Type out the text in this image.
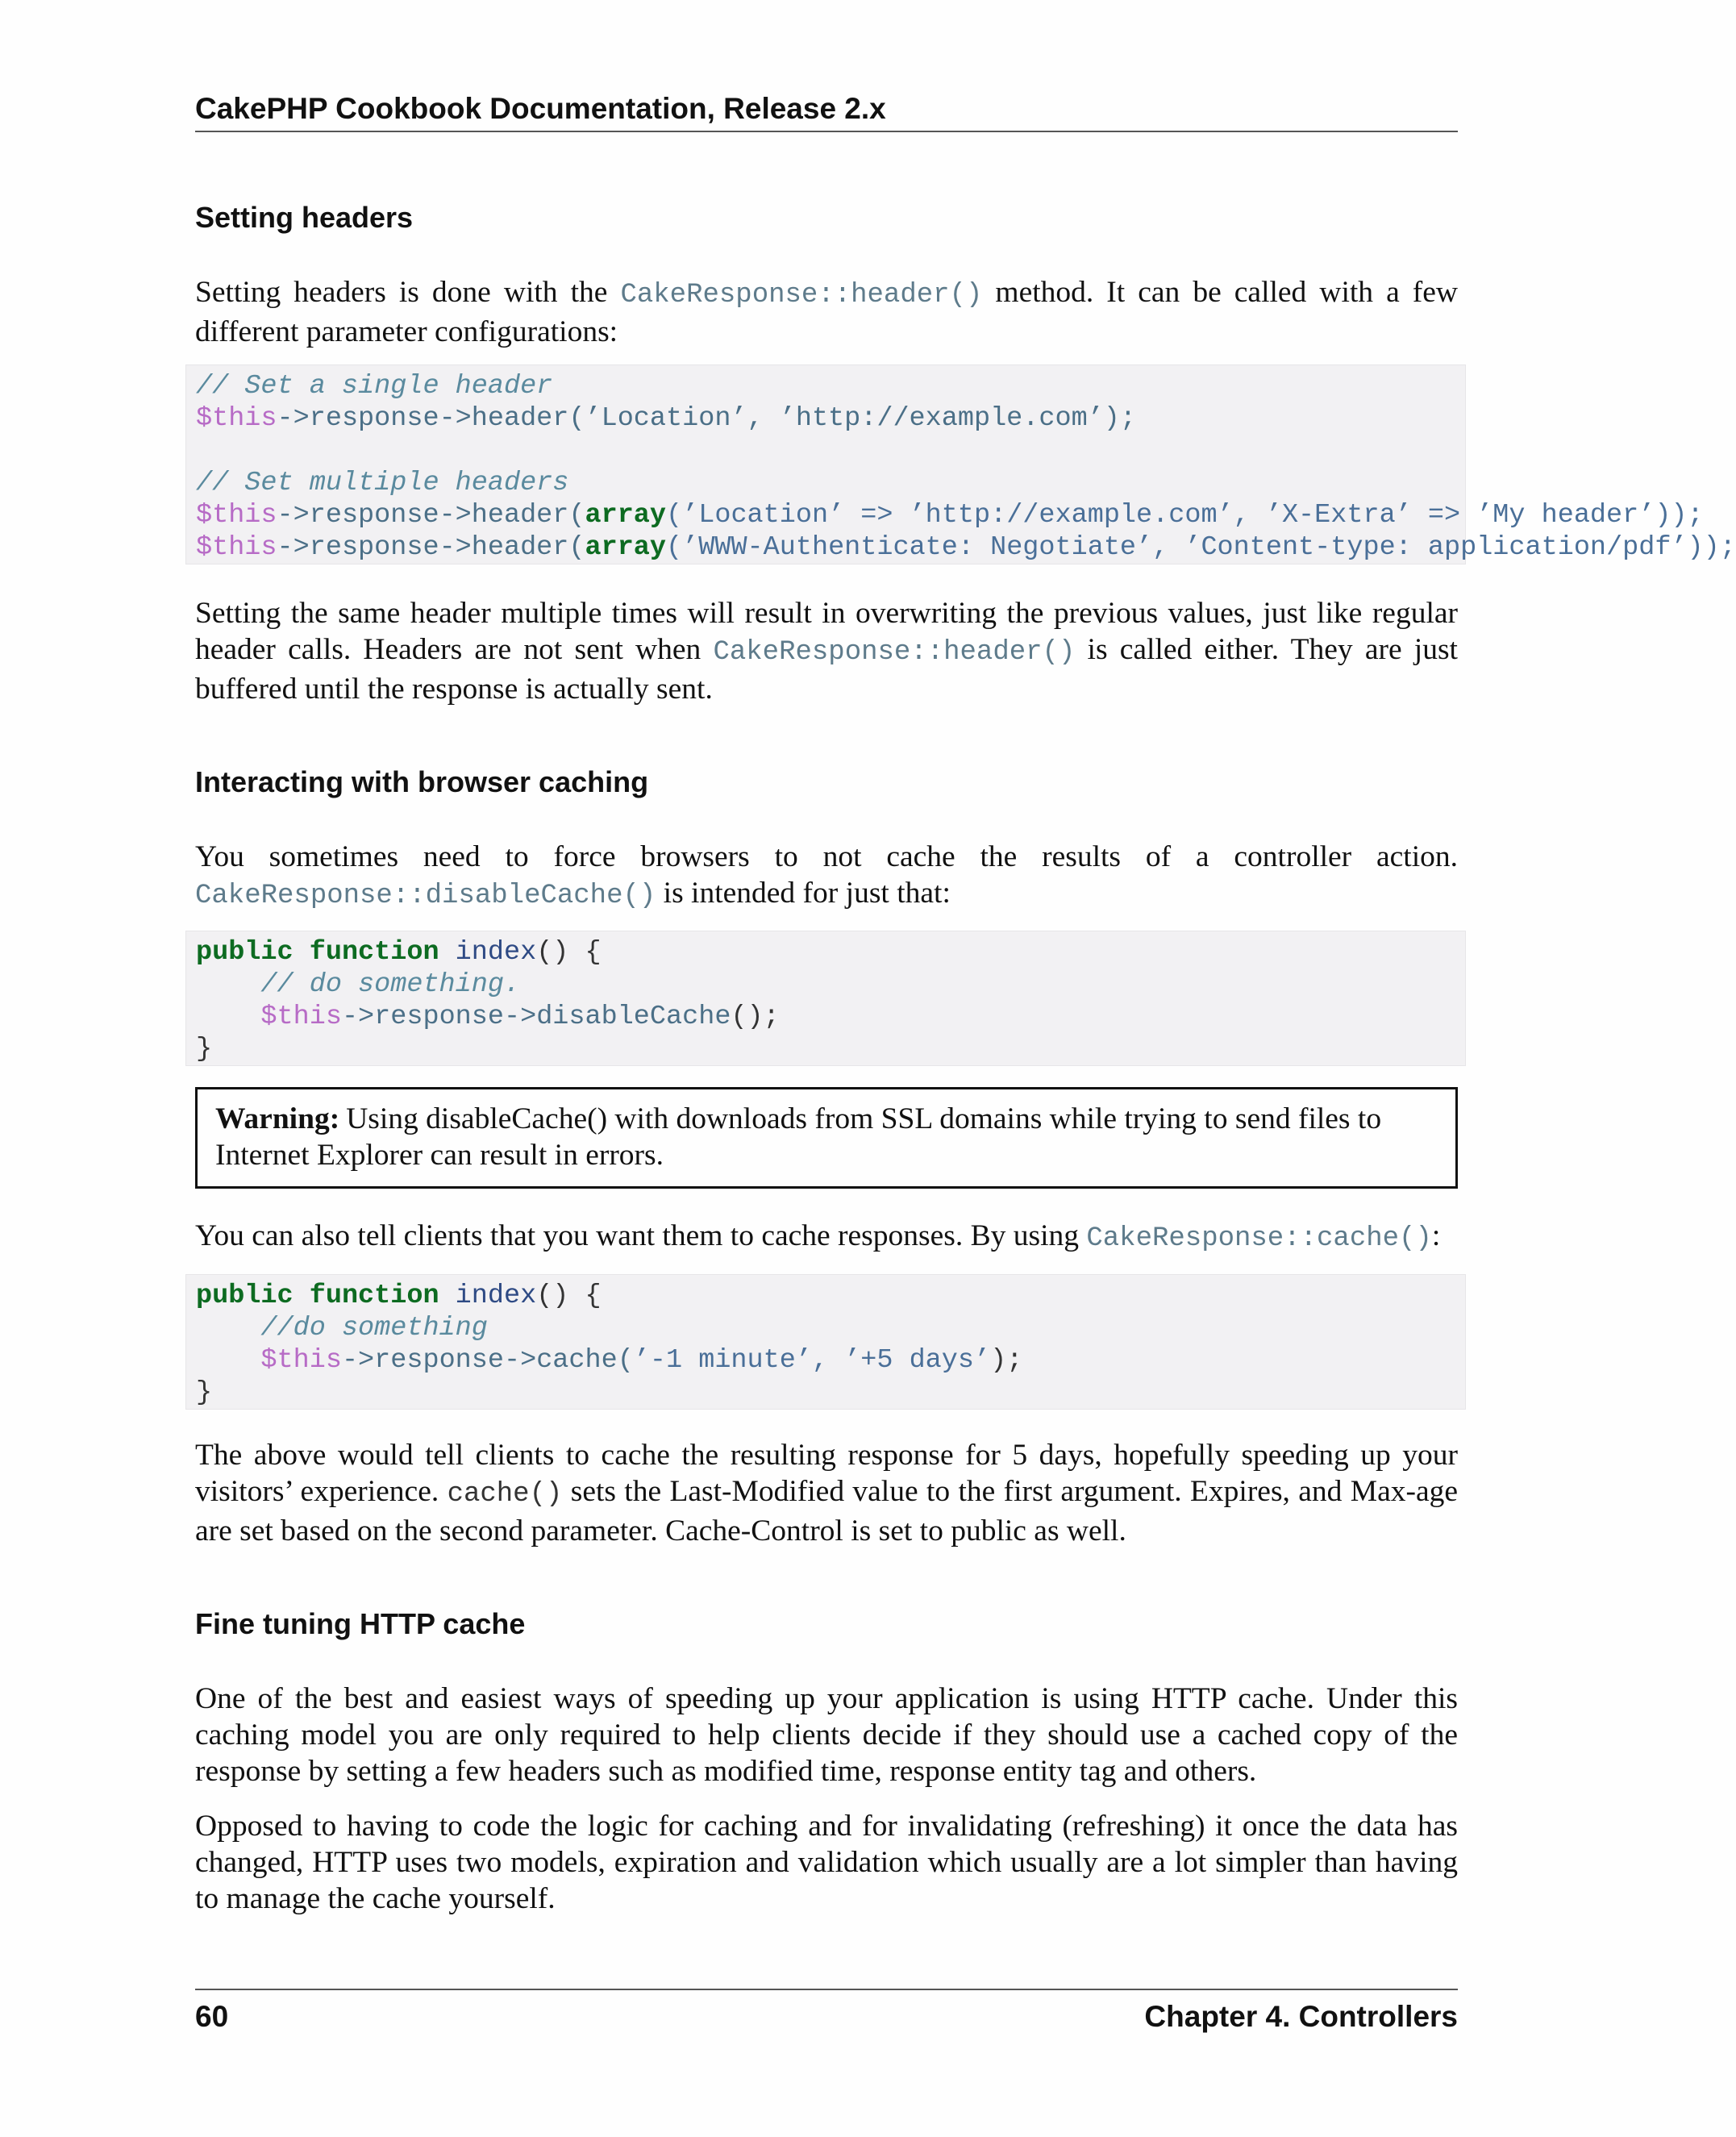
CakePHP Cookbook Documentation, Release 2.x
Setting headers

Setting headers is done with the CakeResponse::header() method. It can be called with a few different parameter configurations:

// Set a single header
$this->response->header(’Location’, ’http://example.com’);
// Set multiple headers
$this->response->header(array(’Location’ => ’http://example.com’, ’X-Extra’ => ’My header’));
$this->response->header(array(’WWW-Authenticate: Negotiate’, ’Content-type: application/pdf’));

Setting the same header multiple times will result in overwriting the previous values, just like regular header calls. Headers are not sent when CakeResponse::header() is called either. They are just buffered until the response is actually sent.

Interacting with browser caching

You sometimes need to force browsers to not cache the results of a controller action.

CakeResponse::disableCache() is intended for just that:

public function index() {
// do something.
$this->response->disableCache();
}
Warning: Using disableCache() with downloads from SSL domains while trying to send files to Internet Explorer can result in errors.

You can also tell clients that you want them to cache responses. By using CakeResponse::cache():

public function index() {
//do something
$this->response->cache(’-1 minute’, ’+5 days’);
}

The above would tell clients to cache the resulting response for 5 days, hopefully speeding up your visitors’ experience. cache() sets the Last-Modified value to the first argument. Expires, and Max-age are set based on the second parameter. Cache-Control is set to public as well.

Fine tuning HTTP cache

One of the best and easiest ways of speeding up your application is using HTTP cache. Under this caching model you are only required to help clients decide if they should use a cached copy of the response by setting a few headers such as modified time, response entity tag and others.

Opposed to having to code the logic for caching and for invalidating (refreshing) it once the data has changed, HTTP uses two models, expiration and validation which usually are a lot simpler than having to manage the cache yourself.

60	Chapter 4. Controllers
